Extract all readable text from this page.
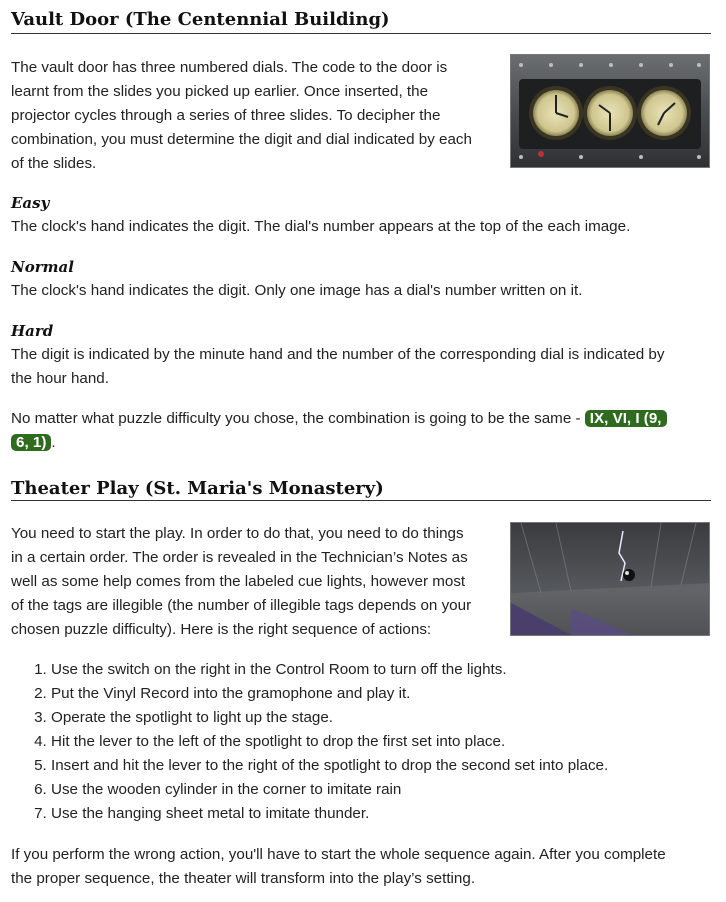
Vault Door (The Centennial Building)

The vault door has three numbered dials. The code to the door is

learnt from the slides you picked up earlier. Once inserted, the

projector cycles through a series of three slides. To decipher the

combination, you must determine the digit and dial indicated by each

of the slides.

Easy

The clock's hand indicates the digit. The dial's number appears at the top of the each image.

Normal

The clock's hand indicates the digit. Only one image has a dial's number written on it.

Hard

The digit is indicated by the minute hand and the number of the corresponding dial is indicated by

the hour hand.

No matter what puzzle difficulty you chose, the combination is going to be the same - IX, VI, I (9,

6, 1) .

Theater Play (St. Maria's Monastery)

You need to start the play. In order to do that, you need to do things

in a certain order. The order is revealed in the Technician’s Notes as

well as some help comes from the labeled cue lights, however most

of the tags are illegible (the number of illegible tags depends on your

chosen puzzle difficulty). Here is the right sequence of actions:

1. Use the switch on the right in the Control Room to turn off the lights.
2. Put the Vinyl Record into the gramophone and play it.
3. Operate the spotlight to light up the stage.
4. Hit the lever to the left of the spotlight to drop the first set into place.
5. Insert and hit the lever to the right of the spotlight to drop the second set into place.
6. Use the wooden cylinder in the corner to imitate rain
7. Use the hanging sheet metal to imitate thunder.

If you perform the wrong action, you'll have to start the whole sequence again. After you complete

the proper sequence, the theater will transform into the play’s setting.
